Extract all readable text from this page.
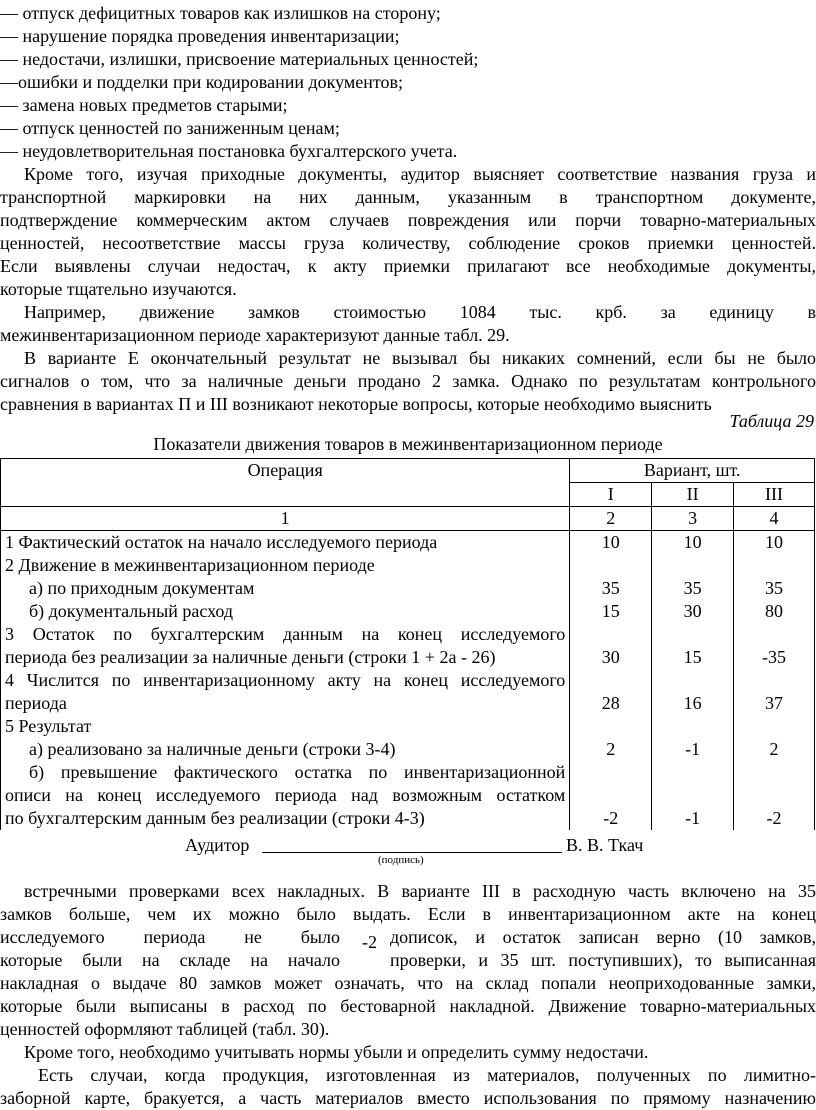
— отпуск дефицитных товаров как излишков на сторону;
— нарушение порядка проведения инвентаризации;
— недостачи, излишки, присвоение материальных ценностей;
—ошибки и подделки при кодировании документов;
— замена новых предметов старыми;
— отпуск ценностей по заниженным ценам;
— неудовлетворительная постановка бухгалтерского учета.
Кроме того, изучая приходные документы, аудитор выясняет соответствие названия груза и
транспортной маркировки на них данным, указанным в транспортном документе,
подтверждение коммерческим актом случаев повреждения или порчи товарно-материальных
ценностей, несоответствие массы груза количеству, соблюдение сроков приемки ценностей.
Если выявлены случаи недостач, к акту приемки прилагают все необходимые документы,
которые тщательно изучаются.
Например, движение замков стоимостью 1084 тыс. крб. за единицу в
межинвентаризационном периоде характеризуют данные табл. 29.
В варианте Е окончательный результат не вызывал бы никаких сомнений, если бы не было
сигналов о том, что за наличные деньги продано 2 замка. Однако по результатам контрольного
сравнения в вариантах П и III возникают некоторые вопросы, которые необходимо выяснить
Таблица 29
Показатели движения товаров в межинвентаризационном периоде
Операция	Вариант, шт.		
	I	II	III
1	2	3	4

1 Фактический остаток на начало исследуемого периода	10	10	10

2 Движение в межинвентаризационном периоде			

а) по приходным документам	35	35	35

б) документальный расход	15	30	80

3 Остаток по бухгалтерским данным на конец исследуемого
периода без реализации за наличные деньги (строки 1 + 2а - 26)	30	15	-35

4 Числится по инвентаризационному акту на конец исследуемого
периода	28	16	37

5 Результат			

а) реализовано за наличные деньги (строки 3-4)	2	-1	2

б) превышение фактического остатка по инвентаризационной
описи на конец исследуемого периода над возможным остатком
по бухгалтерским данным без реализации (строки 4-3)	-2	-1	-2
Аудитор	В. В. Ткач
(подпись)
встречными проверками всех накладных. В варианте III в расходную часть включено на 35
замков больше, чем их можно было выдать. Если в инвентаризационном акте на конец
исследуемого периода не было -2 дописок, и остаток записан верно (10 замков,
которые были на складе на начало	проверки, и 35 шт. поступивших), то выписанная
накладная о выдаче 80 замков может означать, что на склад попали неоприходованные замки,
которые были выписаны в расход по бестоварной накладной. Движение товарно-материальных
ценностей оформляют таблицей (табл. 30).
Кроме того, необходимо учитывать нормы убыли и определить сумму недостачи.
Есть случаи, когда продукция, изготовленная из материалов, полученных по лимитно-
заборной карте, бракуется, а часть материалов вместо использования по прямому назначению
